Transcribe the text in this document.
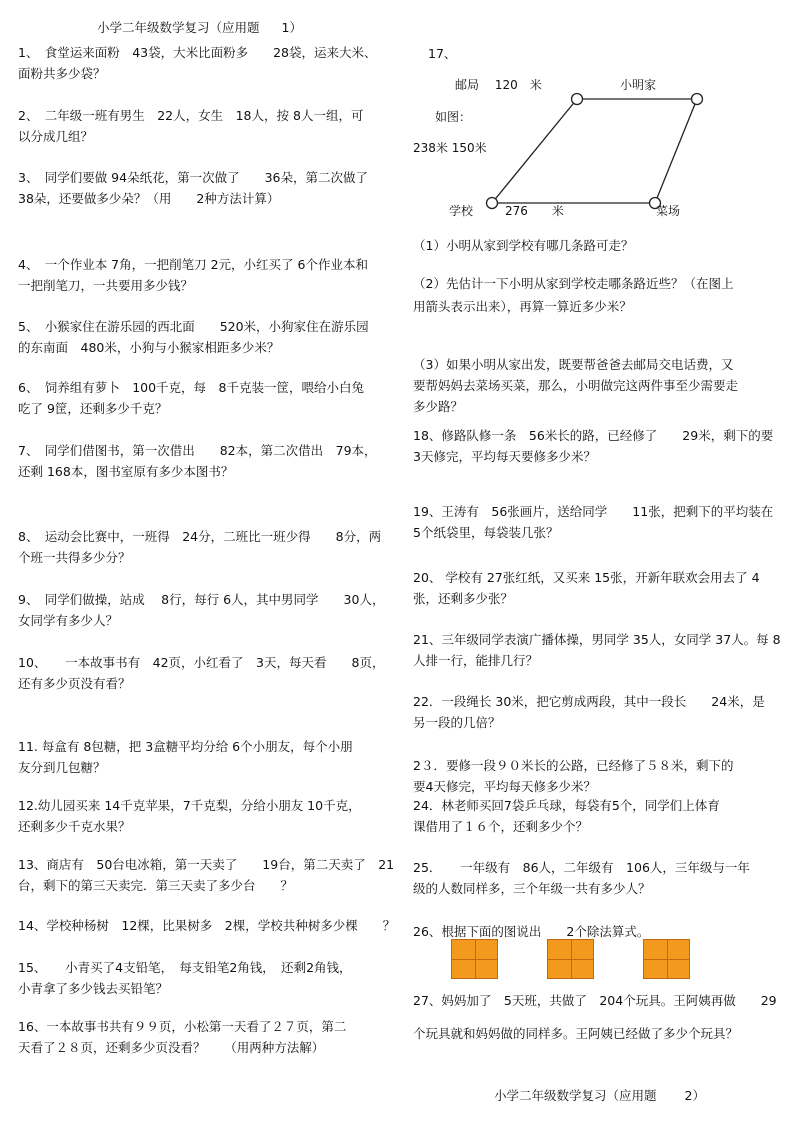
小学二年级数学复习（应用题 1）
1、　食堂运来面粉　43袋，大米比面粉多　　28袋，运来大米、
面粉共多少袋？
2、　二年级一班有男生　22人，女生　18人，按 8人一组，可
以分成几组？
3、　同学们要做 94朵纸花，第一次做了　　36朵，第二次做了
38朵，还要做多少朵？（用　　2种方法计算）
4、　一个作业本 7角，一把削笔刀 2元，小红买了 6个作业本和
一把削笔刀，一共要用多少钱？
5、　小猴家住在游乐园的西北面　　520米，小狗家住在游乐园
的东南面　480米，小狗与小猴家相距多少米？
6、　饲养组有萝卜　100千克，每　8千克装一筐，喂给小白兔
吃了 9筐，还剩多少千克？
7、　同学们借图书，第一次借出　　82本，第二次借出　79本，
还剩 168本，图书室原有多少本图书？
8、　运动会比赛中，一班得　24分，二班比一班少得　　8分，两
个班一共得多少分？
9、　同学们做操，站成　 8行，每行 6人，其中男同学　　30人，
女同学有多少人？
10、　　一本故事书有　42页，小红看了　3天，每天看　　8页，
还有多少页没有看？
11. 每盒有 8包糖，把 3盒糖平均分给 6个小朋友，每个小朋
友分到几包糖？
12.幼儿园买来 14千克苹果，7千克梨，分给小朋友 10千克，
还剩多少千克水果？
13、商店有　50台电冰箱，第一天卖了　　19台，第二天卖了　21
台，剩下的第三天卖完．第三天卖了多少台　　？
14、学校种杨树　12棵，比果树多　2棵，学校共种树多少棵　　？
15、　　小青买了4支铅笔，　每支铅笔2角钱，　还剩2角钱，
小青拿了多少钱去买铅笔？
16、一本故事书共有９９页，小松第一天看了２７页，第二
天看了２８页，还剩多少页没看？　　（用两种方法解）
17、
邮局　 120　米	小明家
如图：
238米 150米
学校	276　　米	菜场
（1）小明从家到学校有哪几条路可走？
（2）先估计一下小明从家到学校走哪条路近些？（在图上
用箭头表示出来），再算一算近多少米？
（3）如果小明从家出发，既要帮爸爸去邮局交电话费，又
要帮妈妈去菜场买菜，那么，小明做完这两件事至少需要走
多少路？
18、修路队修一条　56米长的路，已经修了　　29米，剩下的要
3天修完，平均每天要修多少米？
19、王涛有　56张画片，送给同学　　11张，把剩下的平均装在
5个纸袋里，每袋装几张？
20、 学校有 27张红纸，又买来 15张，开新年联欢会用去了 4
张，还剩多少张？
21、三年级同学表演广播体操，男同学 35人，女同学 37人。每 8
人排一行，能排几行？
22．一段绳长 30米，把它剪成两段，其中一段长　　24米，是
另一段的几倍？
2３．要修一段９０米长的公路，已经修了５８米，剩下的
要4天修完，平均每天修多少米？
24．林老师买回7袋乒乓球，每袋有5个，同学们上体育
课借用了１６个，还剩多少个？
25．　　一年级有　86人，二年级有　106人，三年级与一年
级的人数同样多，三个年级一共有多少人？
26、根据下面的图说出　　2个除法算式。
27、妈妈加了　5天班，共做了　204个玩具。王阿姨再做　　29
个玩具就和妈妈做的同样多。王阿姨已经做了多少个玩具？
小学二年级数学复习（应用题 2）
